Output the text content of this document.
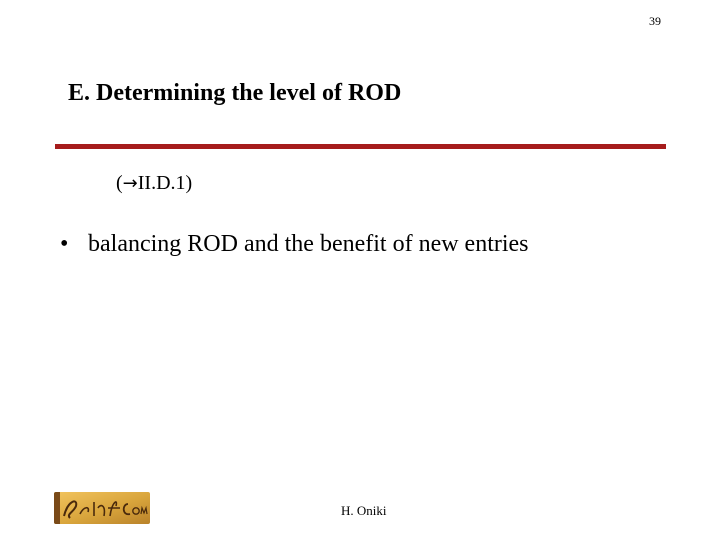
39
E. Determining the level of ROD
(→II.D.1)
• balancing ROD and the benefit of new entries
H. Oniki
